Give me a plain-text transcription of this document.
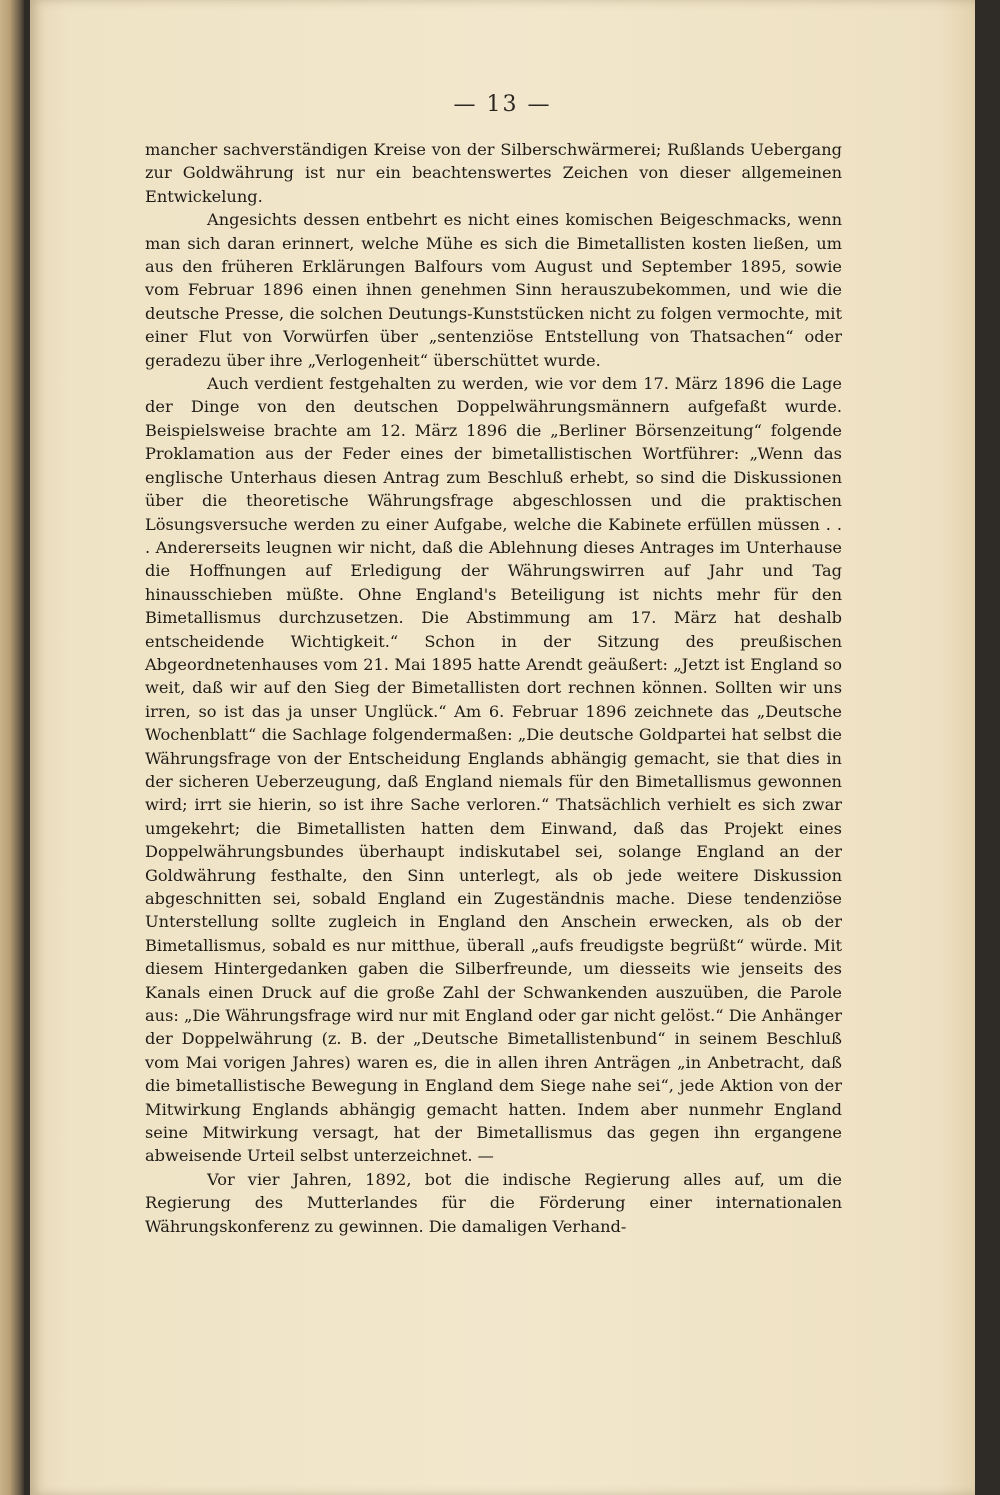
— 13 —

mancher sachverständigen Kreise von der Silberschwärmerei; Rußlands Uebergang zur Goldwährung ist nur ein beachtenswertes Zeichen von dieser allgemeinen Entwickelung.

Angesichts dessen entbehrt es nicht eines komischen Beigeschmacks, wenn man sich daran erinnert, welche Mühe es sich die Bimetallisten kosten ließen, um aus den früheren Erklärungen Balfours vom August und September 1895, sowie vom Februar 1896 einen ihnen genehmen Sinn herauszubekommen, und wie die deutsche Presse, die solchen Deutungs-Kunststücken nicht zu folgen vermochte, mit einer Flut von Vorwürfen über „sentenziöse Entstellung von Thatsachen“ oder geradezu über ihre „Verlogenheit“ überschüttet wurde.

Auch verdient festgehalten zu werden, wie vor dem 17. März 1896 die Lage der Dinge von den deutschen Doppelwährungsmännern aufgefaßt wurde. Beispielsweise brachte am 12. März 1896 die „Berliner Börsenzeitung“ folgende Proklamation aus der Feder eines der bimetallistischen Wortführer: „Wenn das englische Unterhaus diesen Antrag zum Beschluß erhebt, so sind die Diskussionen über die theoretische Währungsfrage abgeschlossen und die praktischen Lösungsversuche werden zu einer Aufgabe, welche die Kabinete erfüllen müssen . . . Andererseits leugnen wir nicht, daß die Ablehnung dieses Antrages im Unterhause die Hoffnungen auf Erledigung der Währungswirren auf Jahr und Tag hinausschieben müßte. Ohne England's Beteiligung ist nichts mehr für den Bimetallismus durchzusetzen. Die Abstimmung am 17. März hat deshalb entscheidende Wichtigkeit.“ Schon in der Sitzung des preußischen Abgeordnetenhauses vom 21. Mai 1895 hatte Arendt geäußert: „Jetzt ist England so weit, daß wir auf den Sieg der Bimetallisten dort rechnen können. Sollten wir uns irren, so ist das ja unser Unglück.“ Am 6. Februar 1896 zeichnete das „Deutsche Wochenblatt“ die Sachlage folgendermaßen: „Die deutsche Goldpartei hat selbst die Währungsfrage von der Entscheidung Englands abhängig gemacht, sie that dies in der sicheren Ueberzeugung, daß England niemals für den Bimetallismus gewonnen wird; irrt sie hierin, so ist ihre Sache verloren.“ Thatsächlich verhielt es sich zwar umgekehrt; die Bimetallisten hatten dem Einwand, daß das Projekt eines Doppelwährungsbundes überhaupt indiskutabel sei, solange England an der Goldwährung festhalte, den Sinn unterlegt, als ob jede weitere Diskussion abgeschnitten sei, sobald England ein Zugeständnis mache. Diese tendenziöse Unterstellung sollte zugleich in England den Anschein erwecken, als ob der Bimetallismus, sobald es nur mitthue, überall „aufs freudigste begrüßt“ würde. Mit diesem Hintergedanken gaben die Silberfreunde, um diesseits wie jenseits des Kanals einen Druck auf die große Zahl der Schwankenden auszuüben, die Parole aus: „Die Währungsfrage wird nur mit England oder gar nicht gelöst.“ Die Anhänger der Doppelwährung (z. B. der „Deutsche Bimetallistenbund“ in seinem Beschluß vom Mai vorigen Jahres) waren es, die in allen ihren Anträgen „in Anbetracht, daß die bimetallistische Bewegung in England dem Siege nahe sei“, jede Aktion von der Mitwirkung Englands abhängig gemacht hatten. Indem aber nunmehr England seine Mitwirkung versagt, hat der Bimetallismus das gegen ihn ergangene abweisende Urteil selbst unterzeichnet. —

Vor vier Jahren, 1892, bot die indische Regierung alles auf, um die Regierung des Mutterlandes für die Förderung einer internationalen Währungskonferenz zu gewinnen. Die damaligen Verhand-
